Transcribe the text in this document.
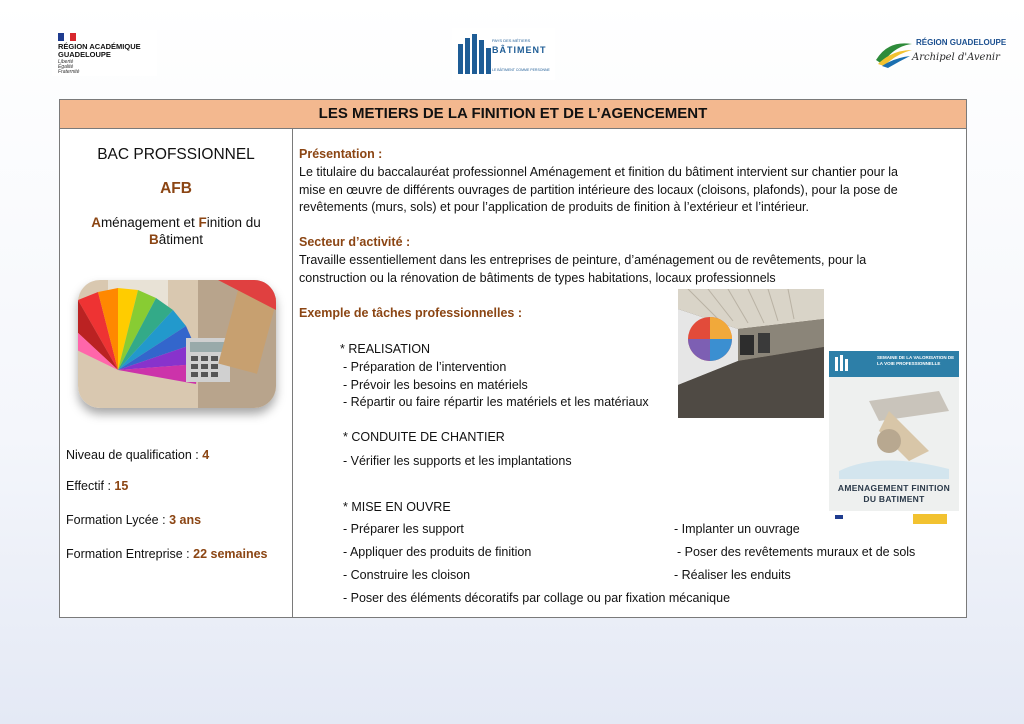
RÉGION ACADÉMIQUE
GUADELOUPE
Liberté
Égalité
Fraternité
PAYS DES MÉTIERS
BÂTIMENT
LE BÂTIMENT COMME PERSONNE
RÉGION GUADELOUPE
Archipel d'Avenir
LES METIERS DE LA FINITION ET DE L’AGENCEMENT
BAC PROFSSIONNEL
AFB
Aménagement et Finition du
Bâtiment
Niveau de qualification : 4
Effectif : 15
Formation Lycée : 3 ans
Formation Entreprise : 22 semaines
Présentation :
Le titulaire du baccalauréat professionnel Aménagement et finition du bâtiment intervient sur chantier pour la
mise en œuvre de différents ouvrages de partition intérieure des locaux (cloisons, plafonds), pour la pose de
revêtements (murs, sols) et pour l’application de produits de finition à l’extérieur et l’intérieur.
Secteur d’activité :
Travaille essentiellement dans les entreprises de peinture, d’aménagement ou de revêtements, pour la
construction ou la rénovation de bâtiments de types habitations, locaux professionnels
Exemple de tâches professionnelles :
* REALISATION
- Préparation de l’intervention
- Prévoir les besoins en matériels
- Répartir ou faire répartir les matériels et les matériaux
* CONDUITE DE CHANTIER
- Vérifier les supports et les implantations
* MISE EN OUVRE
- Préparer les support
- Appliquer des produits de finition
- Construire les cloison
- Poser des éléments décoratifs par collage ou par fixation mécanique
- Implanter un ouvrage
- Poser des revêtements muraux et de sols
- Réaliser les enduits
SEMAINE DE LA VALORISATION DE LA VOIE PROFESSIONNELLE
AMENAGEMENT FINITION
DU BATIMENT
